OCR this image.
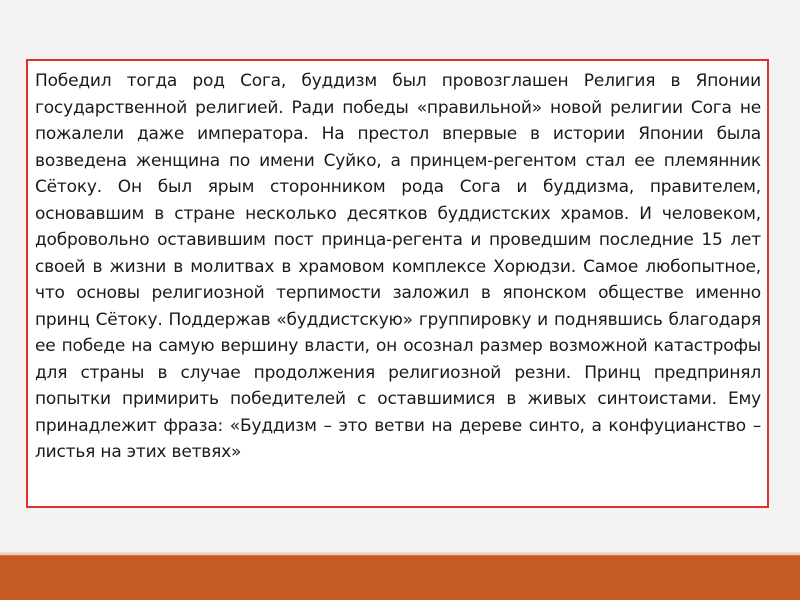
Победил тогда род Сога, буддизм был провозглашен Религия в Японии государственной религией. Ради победы «правильной» новой религии Сога не пожалели даже императора. На престол впервые в истории Японии была возведена женщина по имени Суйко, а принцем-регентом стал ее племянник Сётоку. Он был ярым сторонником рода Сога и буддизма, правителем, основавшим в стране несколько десятков буддистских храмов. И человеком, добровольно оставившим пост принца-регента и проведшим последние 15 лет своей в жизни в молитвах в храмовом комплексе Хорюдзи. Самое любопытное, что основы религиозной терпимости заложил в японском обществе именно принц Сётоку. Поддержав «буддистскую» группировку и поднявшись благодаря ее победе на самую вершину власти, он осознал размер возможной катастрофы для страны в случае продолжения религиозной резни. Принц предпринял попытки примирить победителей с оставшимися в живых синтоистами. Ему принадлежит фраза: «Буддизм – это ветви на дереве синто, а конфуцианство – листья на этих ветвях»
